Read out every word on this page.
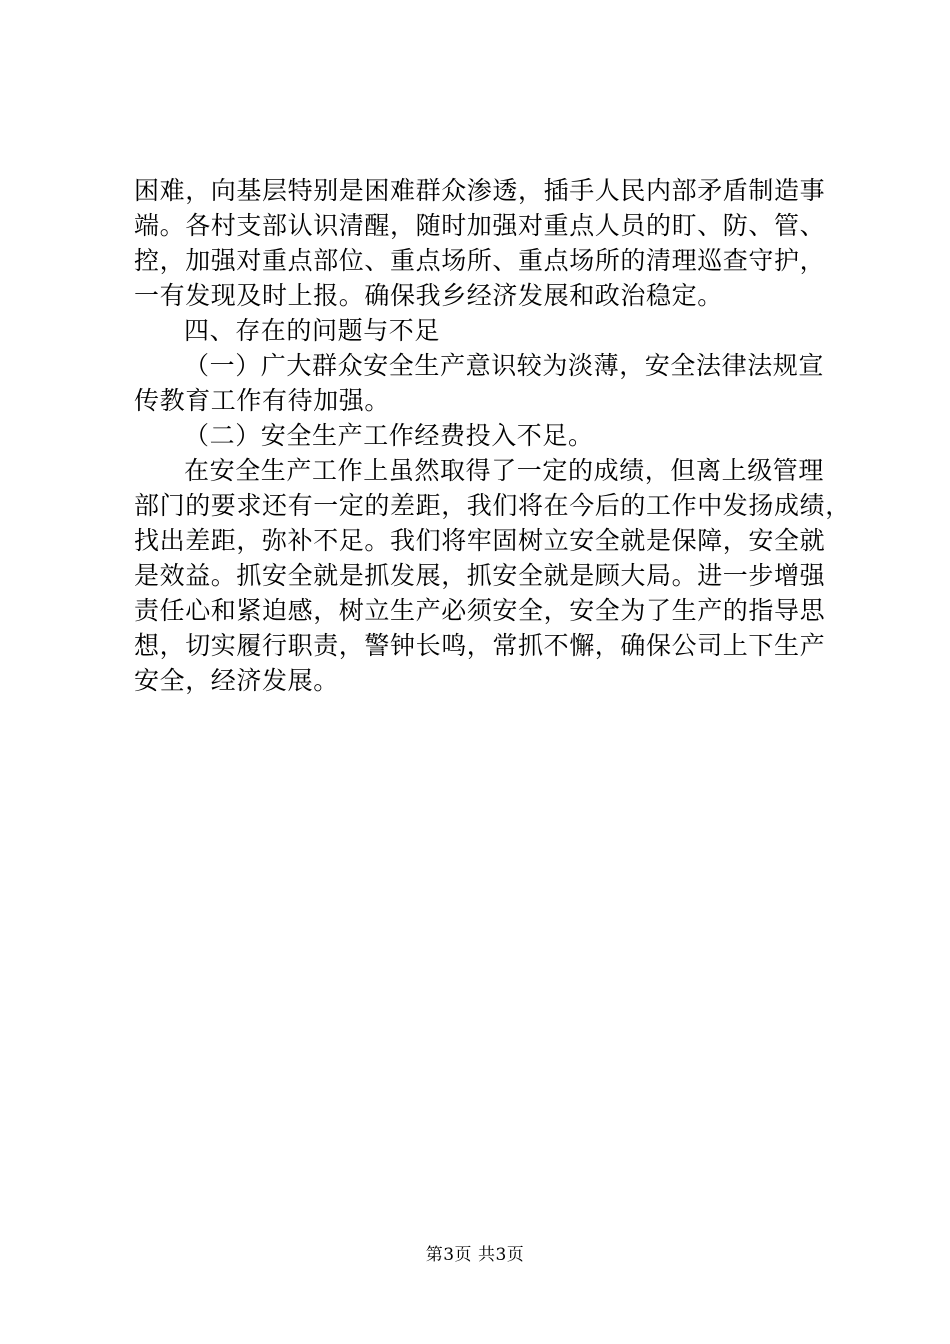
困难，向基层特别是困难群众渗透，插手人民内部矛盾制造事
端。各村支部认识清醒，随时加强对重点人员的盯、防、管、
控，加强对重点部位、重点场所、重点场所的清理巡查守护，
一有发现及时上报。确保我乡经济发展和政治稳定。
四、存在的问题与不足
（一）广大群众安全生产意识较为淡薄，安全法律法规宣
传教育工作有待加强。
（二）安全生产工作经费投入不足。
在安全生产工作上虽然取得了一定的成绩，但离上级管理
部门的要求还有一定的差距，我们将在今后的工作中发扬成绩，
找出差距，弥补不足。我们将牢固树立安全就是保障，安全就
是效益。抓安全就是抓发展，抓安全就是顾大局。进一步增强
责任心和紧迫感，树立生产必须安全，安全为了生产的指导思
想，切实履行职责，警钟长鸣，常抓不懈，确保公司上下生产
安全，经济发展。
第3页 共3页
